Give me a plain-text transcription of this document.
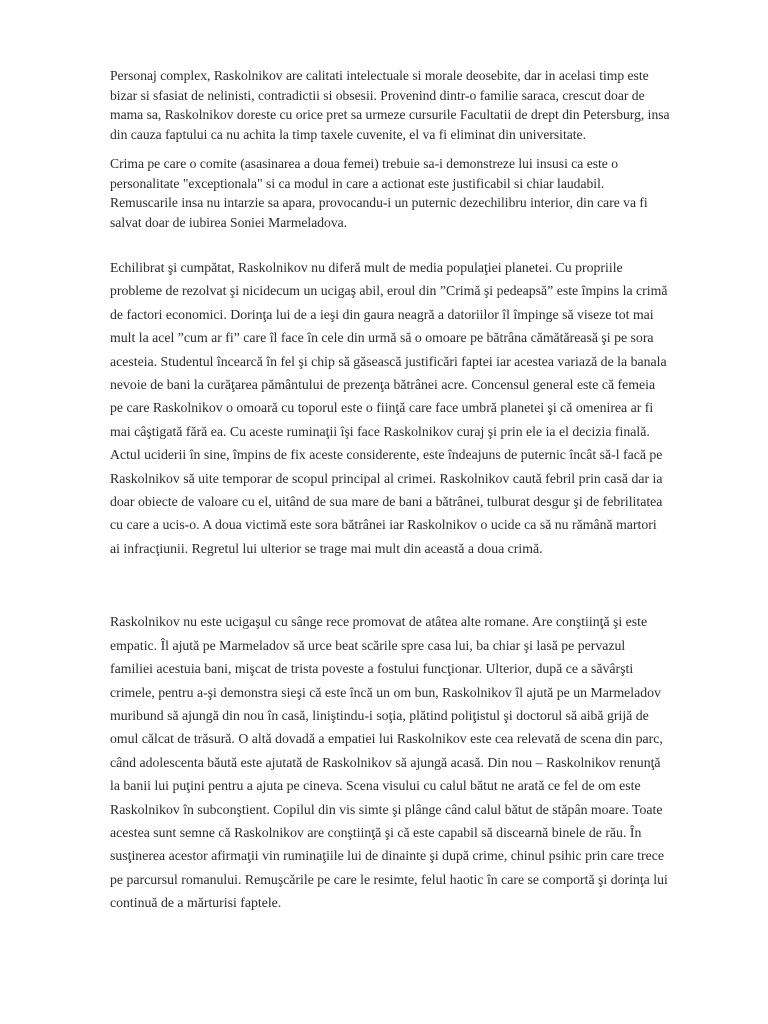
Personaj complex, Raskolnikov are calitati intelectuale si morale deosebite, dar in acelasi timp este bizar si sfasiat de nelinisti, contradictii si obsesii. Provenind dintr-o familie saraca, crescut doar de mama sa, Raskolnikov doreste cu orice pret sa urmeze cursurile Facultatii de drept din Petersburg, insa din cauza faptului ca nu achita la timp taxele cuvenite, el va fi eliminat din universitate.

Crima pe care o comite (asasinarea a doua femei) trebuie sa-i demonstreze lui insusi ca este o personalitate "exceptionala" si ca modul in care a actionat este justificabil si chiar laudabil. Remuscarile insa nu intarzie sa apara, provocandu-i un puternic dezechilibru interior, din care va fi salvat doar de iubirea Soniei Marmeladova.

Echilibrat şi cumpătat, Raskolnikov nu diferă mult de media populaţiei planetei. Cu propriile probleme de rezolvat şi nicidecum un ucigaş abil, eroul din ”Crimă şi pedeapsă” este împins la crimă de factori economici. Dorinţa lui de a ieşi din gaura neagră a datoriilor îl împinge să viseze tot mai mult la acel ”cum ar fi” care îl face în cele din urmă să o omoare pe bătrâna cămătăreasă şi pe sora acesteia. Studentul încearcă în fel şi chip să găsească justificări faptei iar acestea variază de la banala nevoie de bani la curăţarea pământului de prezenţa bătrânei acre. Concensul general este că femeia pe care Raskolnikov o omoară cu toporul este o fiinţă care face umbră planetei şi că omenirea ar fi mai câştigată fără ea. Cu aceste ruminaţii îşi face Raskolnikov curaj şi prin ele ia el decizia finală. Actul uciderii în sine, împins de fix aceste considerente, este îndeajuns de puternic încât să-l facă pe Raskolnikov să uite temporar de scopul principal al crimei. Raskolnikov caută febril prin casă dar ia doar obiecte de valoare cu el, uitând de sua mare de bani a bătrânei, tulburat desgur şi de febrilitatea cu care a ucis-o. A doua victimă este sora bătrânei iar Raskolnikov o ucide ca să nu rămână martori ai infracţiunii. Regretul lui ulterior se trage mai mult din această a doua crimă.

Raskolnikov nu este ucigaşul cu sânge rece promovat de atâtea alte romane. Are conştiinţă şi este empatic. Îl ajută pe Marmeladov să urce beat scările spre casa lui, ba chiar şi lasă pe pervazul familiei acestuia bani, mişcat de trista poveste a fostului funcţionar. Ulterior, după ce a săvârşti crimele, pentru a-şi demonstra sieşi că este încă un om bun, Raskolnikov îl ajută pe un Marmeladov muribund să ajungă din nou în casă, liniştindu-i soţia, plătind poliţistul şi doctorul să aibă grijă de omul călcat de trăsură. O altă dovadă a empatiei lui Raskolnikov este cea relevată de scena din parc, când adolescenta băută este ajutată de Raskolnikov să ajungă acasă. Din nou – Raskolnikov renunţă la banii lui puţini pentru a ajuta pe cineva. Scena visului cu calul bătut ne arată ce fel de om este Raskolnikov în subconştient. Copilul din vis simte şi plânge când calul bătut de stăpân moare. Toate acestea sunt semne că Raskolnikov are conştiinţă şi că este capabil să discearnă binele de rău. În susţinerea acestor afirmaţii vin ruminaţiile lui de dinainte şi după crime, chinul psihic prin care trece pe parcursul romanului. Remuşcările pe care le resimte, felul haotic în care se comportă şi dorinţa lui continuă de a mărturisi faptele.
